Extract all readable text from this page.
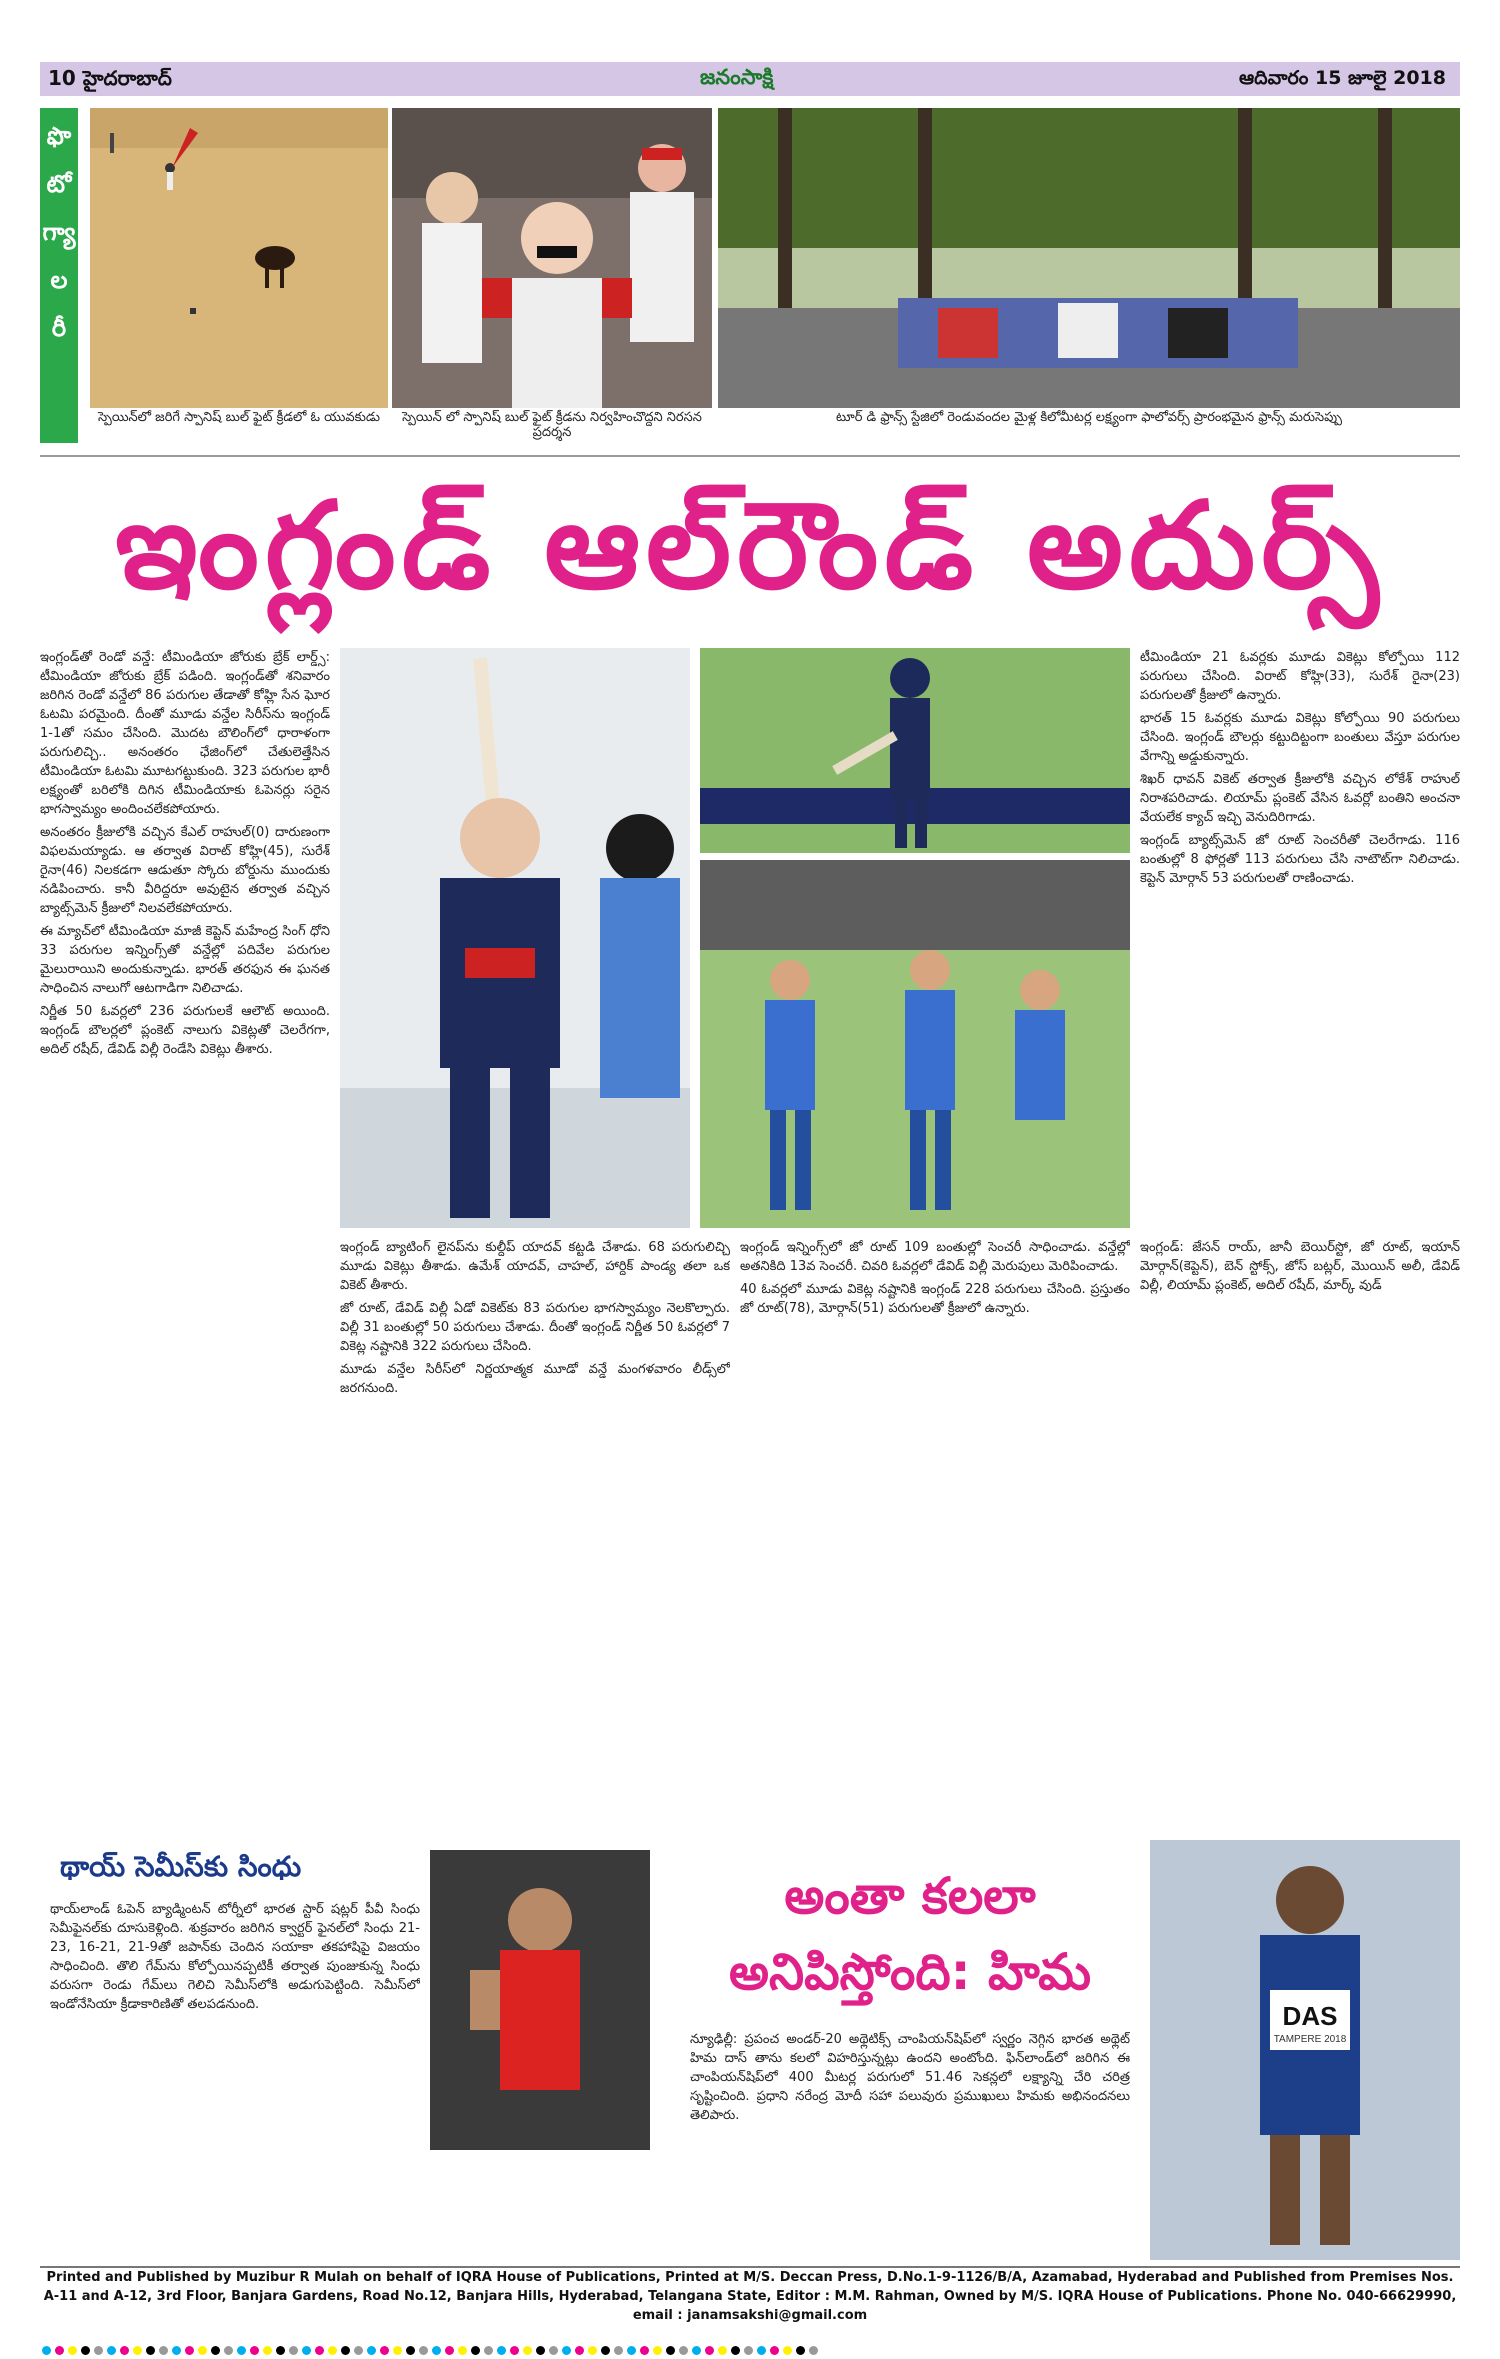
10 హైదరాబాద్	జనంసాక్షి	ఆదివారం 15 జూలై 2018
ఫొ
టో
గ్యా
ల
రీ
స్పెయిన్‌లో జరిగే స్పానిష్ బుల్ ఫైట్ క్రీడలో ఓ యువకుడు	స్పెయిన్ లో స్పానిష్ బుల్ ఫైట్ క్రీడను నిర్వహించొద్దని నిరసన ప్రదర్శన
టూర్ డి ఫ్రాన్స్ స్టేజిలో రెండువందల మైళ్ల కిలోమీటర్ల లక్ష్యంగా ఫాలోవర్స్ ప్రారంభమైన ఫ్రాన్స్ మరుసెప్పు
ఇంగ్లండ్ ఆల్‌రౌండ్ అదుర్స్

ఇంగ్లండ్‌తో రెండో వన్డే: టీమిండియా జోరుకు బ్రేక్ లార్డ్స్: టీమిండియా జోరుకు బ్రేక్ పడింది. ఇంగ్లండ్‌తో శనివారం జరిగిన రెండో వన్డేలో 86 పరుగుల తేడాతో కోహ్లి సేన ఘోర ఓటమి పరమైంది. దీంతో మూడు వన్డేల సిరీస్‌ను ఇంగ్లండ్ 1-1తో సమం చేసింది. మొదట బౌలింగ్‌లో ధారాళంగా పరుగులిచ్చి.. అనంతరం ఛేజింగ్‌లో చేతులెత్తేసిన టీమిండియా ఓటమి మూటగట్టుకుంది. 323 పరుగుల భారీ లక్ష్యంతో బరిలోకి దిగిన టీమిండియాకు ఓపెనర్లు సరైన భాగస్వామ్యం అందించలేకపోయారు.

అనంతరం క్రీజులోకి వచ్చిన కేఎల్ రాహుల్(0) దారుణంగా విఫలమయ్యాడు. ఆ తర్వాత విరాట్ కోహ్లి(45), సురేశ్ రైనా(46) నిలకడగా ఆడుతూ స్కోరు బోర్డును ముందుకు నడిపించారు. కానీ వీరిద్దరూ అవుటైన తర్వాత వచ్చిన బ్యాట్స్‌మెన్ క్రీజులో నిలవలేకపోయారు.

ఈ మ్యాచ్‌లో టీమిండియా మాజీ కెప్టెన్ మహేంద్ర సింగ్ ధోని 33 పరుగుల ఇన్నింగ్స్‌తో వన్డేల్లో పదివేల పరుగుల మైలురాయిని అందుకున్నాడు. భారత్ తరఫున ఈ ఘనత సాధించిన నాలుగో ఆటగాడిగా నిలిచాడు.

నిర్ణీత 50 ఓవర్లలో 236 పరుగులకే ఆలౌట్ అయింది. ఇంగ్లండ్ బౌలర్లలో ప్లంకెట్ నాలుగు వికెట్లతో చెలరేగగా, అదిల్ రషీద్, డేవిడ్ విల్లీ రెండేసి వికెట్లు తీశారు.

టీమిండియా 21 ఓవర్లకు మూడు వికెట్లు కోల్పోయి 112 పరుగులు చేసింది. విరాట్ కోహ్లి(33), సురేశ్ రైనా(23) పరుగులతో క్రీజులో ఉన్నారు.

భారత్ 15 ఓవర్లకు మూడు వికెట్లు కోల్పోయి 90 పరుగులు చేసింది. ఇంగ్లండ్ బౌలర్లు కట్టుదిట్టంగా బంతులు వేస్తూ పరుగుల వేగాన్ని అడ్డుకున్నారు.

శిఖర్ ధావన్ వికెట్ తర్వాత క్రీజులోకి వచ్చిన లోకేశ్ రాహుల్ నిరాశపరిచాడు. లియామ్ ప్లంకెట్ వేసిన ఓవర్లో బంతిని అంచనా వేయలేక క్యాచ్ ఇచ్చి వెనుదిరిగాడు.

ఇంగ్లండ్ బ్యాట్స్‌మెన్ జో రూట్ సెంచరీతో చెలరేగాడు. 116 బంతుల్లో 8 ఫోర్లతో 113 పరుగులు చేసి నాటౌట్‌గా నిలిచాడు. కెప్టెన్ మోర్గాన్ 53 పరుగులతో రాణించాడు.

ఇంగ్లండ్ బ్యాటింగ్ లైనప్‌ను కుల్దీప్ యాదవ్ కట్టడి చేశాడు. 68 పరుగులిచ్చి మూడు వికెట్లు తీశాడు. ఉమేశ్ యాదవ్, చాహల్, హార్దిక్ పాండ్య తలా ఒక వికెట్ తీశారు.

జో రూట్, డేవిడ్ విల్లీ ఏడో వికెట్‌కు 83 పరుగుల భాగస్వామ్యం నెలకొల్పారు. విల్లీ 31 బంతుల్లో 50 పరుగులు చేశాడు. దీంతో ఇంగ్లండ్ నిర్ణీత 50 ఓవర్లలో 7 వికెట్ల నష్టానికి 322 పరుగులు చేసింది.

మూడు వన్డేల సిరీస్‌లో నిర్ణయాత్మక మూడో వన్డే మంగళవారం లీడ్స్‌లో జరగనుంది.

ఇంగ్లండ్ ఇన్నింగ్స్‌లో జో రూట్ 109 బంతుల్లో సెంచరీ సాధించాడు. వన్డేల్లో అతనికిది 13వ సెంచరీ. చివరి ఓవర్లలో డేవిడ్ విల్లీ మెరుపులు మెరిపించాడు.

40 ఓవర్లలో మూడు వికెట్ల నష్టానికి ఇంగ్లండ్ 228 పరుగులు చేసింది. ప్రస్తుతం జో రూట్(78), మోర్గాన్(51) పరుగులతో క్రీజులో ఉన్నారు.

ఇంగ్లండ్: జేసన్ రాయ్, జానీ బెయిర్‌స్టో, జో రూట్, ఇయాన్ మోర్గాన్(కెప్టెన్), బెన్ స్టోక్స్, జోస్ బట్లర్, మొయిన్ అలీ, డేవిడ్ విల్లీ, లియామ్ ప్లంకెట్, అదిల్ రషీద్, మార్క్ వుడ్

థాయ్ సెమీస్‌కు సింధు
థాయ్‌లాండ్ ఓపెన్ బ్యాడ్మింటన్ టోర్నీలో భారత స్టార్ షట్లర్ పీవీ సింధు సెమీఫైనల్‌కు దూసుకెళ్లింది. శుక్రవారం జరిగిన క్వార్టర్ ఫైనల్‌లో సింధు 21-23, 16-21, 21-9తో జపాన్‌కు చెందిన సయాకా తకహాషిపై విజయం సాధించింది. తొలి గేమ్‌ను కోల్పోయినప్పటికీ తర్వాత పుంజుకున్న సింధు వరుసగా రెండు గేమ్‌లు గెలిచి సెమీస్‌లోకి అడుగుపెట్టింది. సెమీస్‌లో ఇండోనేసియా క్రీడాకారిణితో తలపడనుంది.
అంతా కలలా అనిపిస్తోంది: హిమ
న్యూఢిల్లీ: ప్రపంచ అండర్-20 అథ్లెటిక్స్ చాంపియన్‌షిప్‌లో స్వర్ణం నెగ్గిన భారత అథ్లెట్ హిమ దాస్ తాను కలలో విహరిస్తున్నట్లు ఉందని అంటోంది. ఫిన్‌లాండ్‌లో జరిగిన ఈ చాంపియన్‌షిప్‌లో 400 మీటర్ల పరుగులో 51.46 సెకన్లలో లక్ష్యాన్ని చేరి చరిత్ర సృష్టించింది. ప్రధాని నరేంద్ర మోదీ సహా పలువురు ప్రముఖులు హిమకు అభినందనలు తెలిపారు.
DAS
TAMPERE 2018
Printed and Published by Muzibur R Mulah on behalf of IQRA House of Publications, Printed at M/S. Deccan Press, D.No.1-9-1126/B/A, Azamabad, Hyderabad and Published from Premises Nos. A-11 and A-12, 3rd Floor, Banjara Gardens, Road No.12, Banjara Hills, Hyderabad, Telangana State, Editor : M.M. Rahman, Owned by M/S. IQRA House of Publications. Phone No. 040-66629990, email : janamsakshi@gmail.com
